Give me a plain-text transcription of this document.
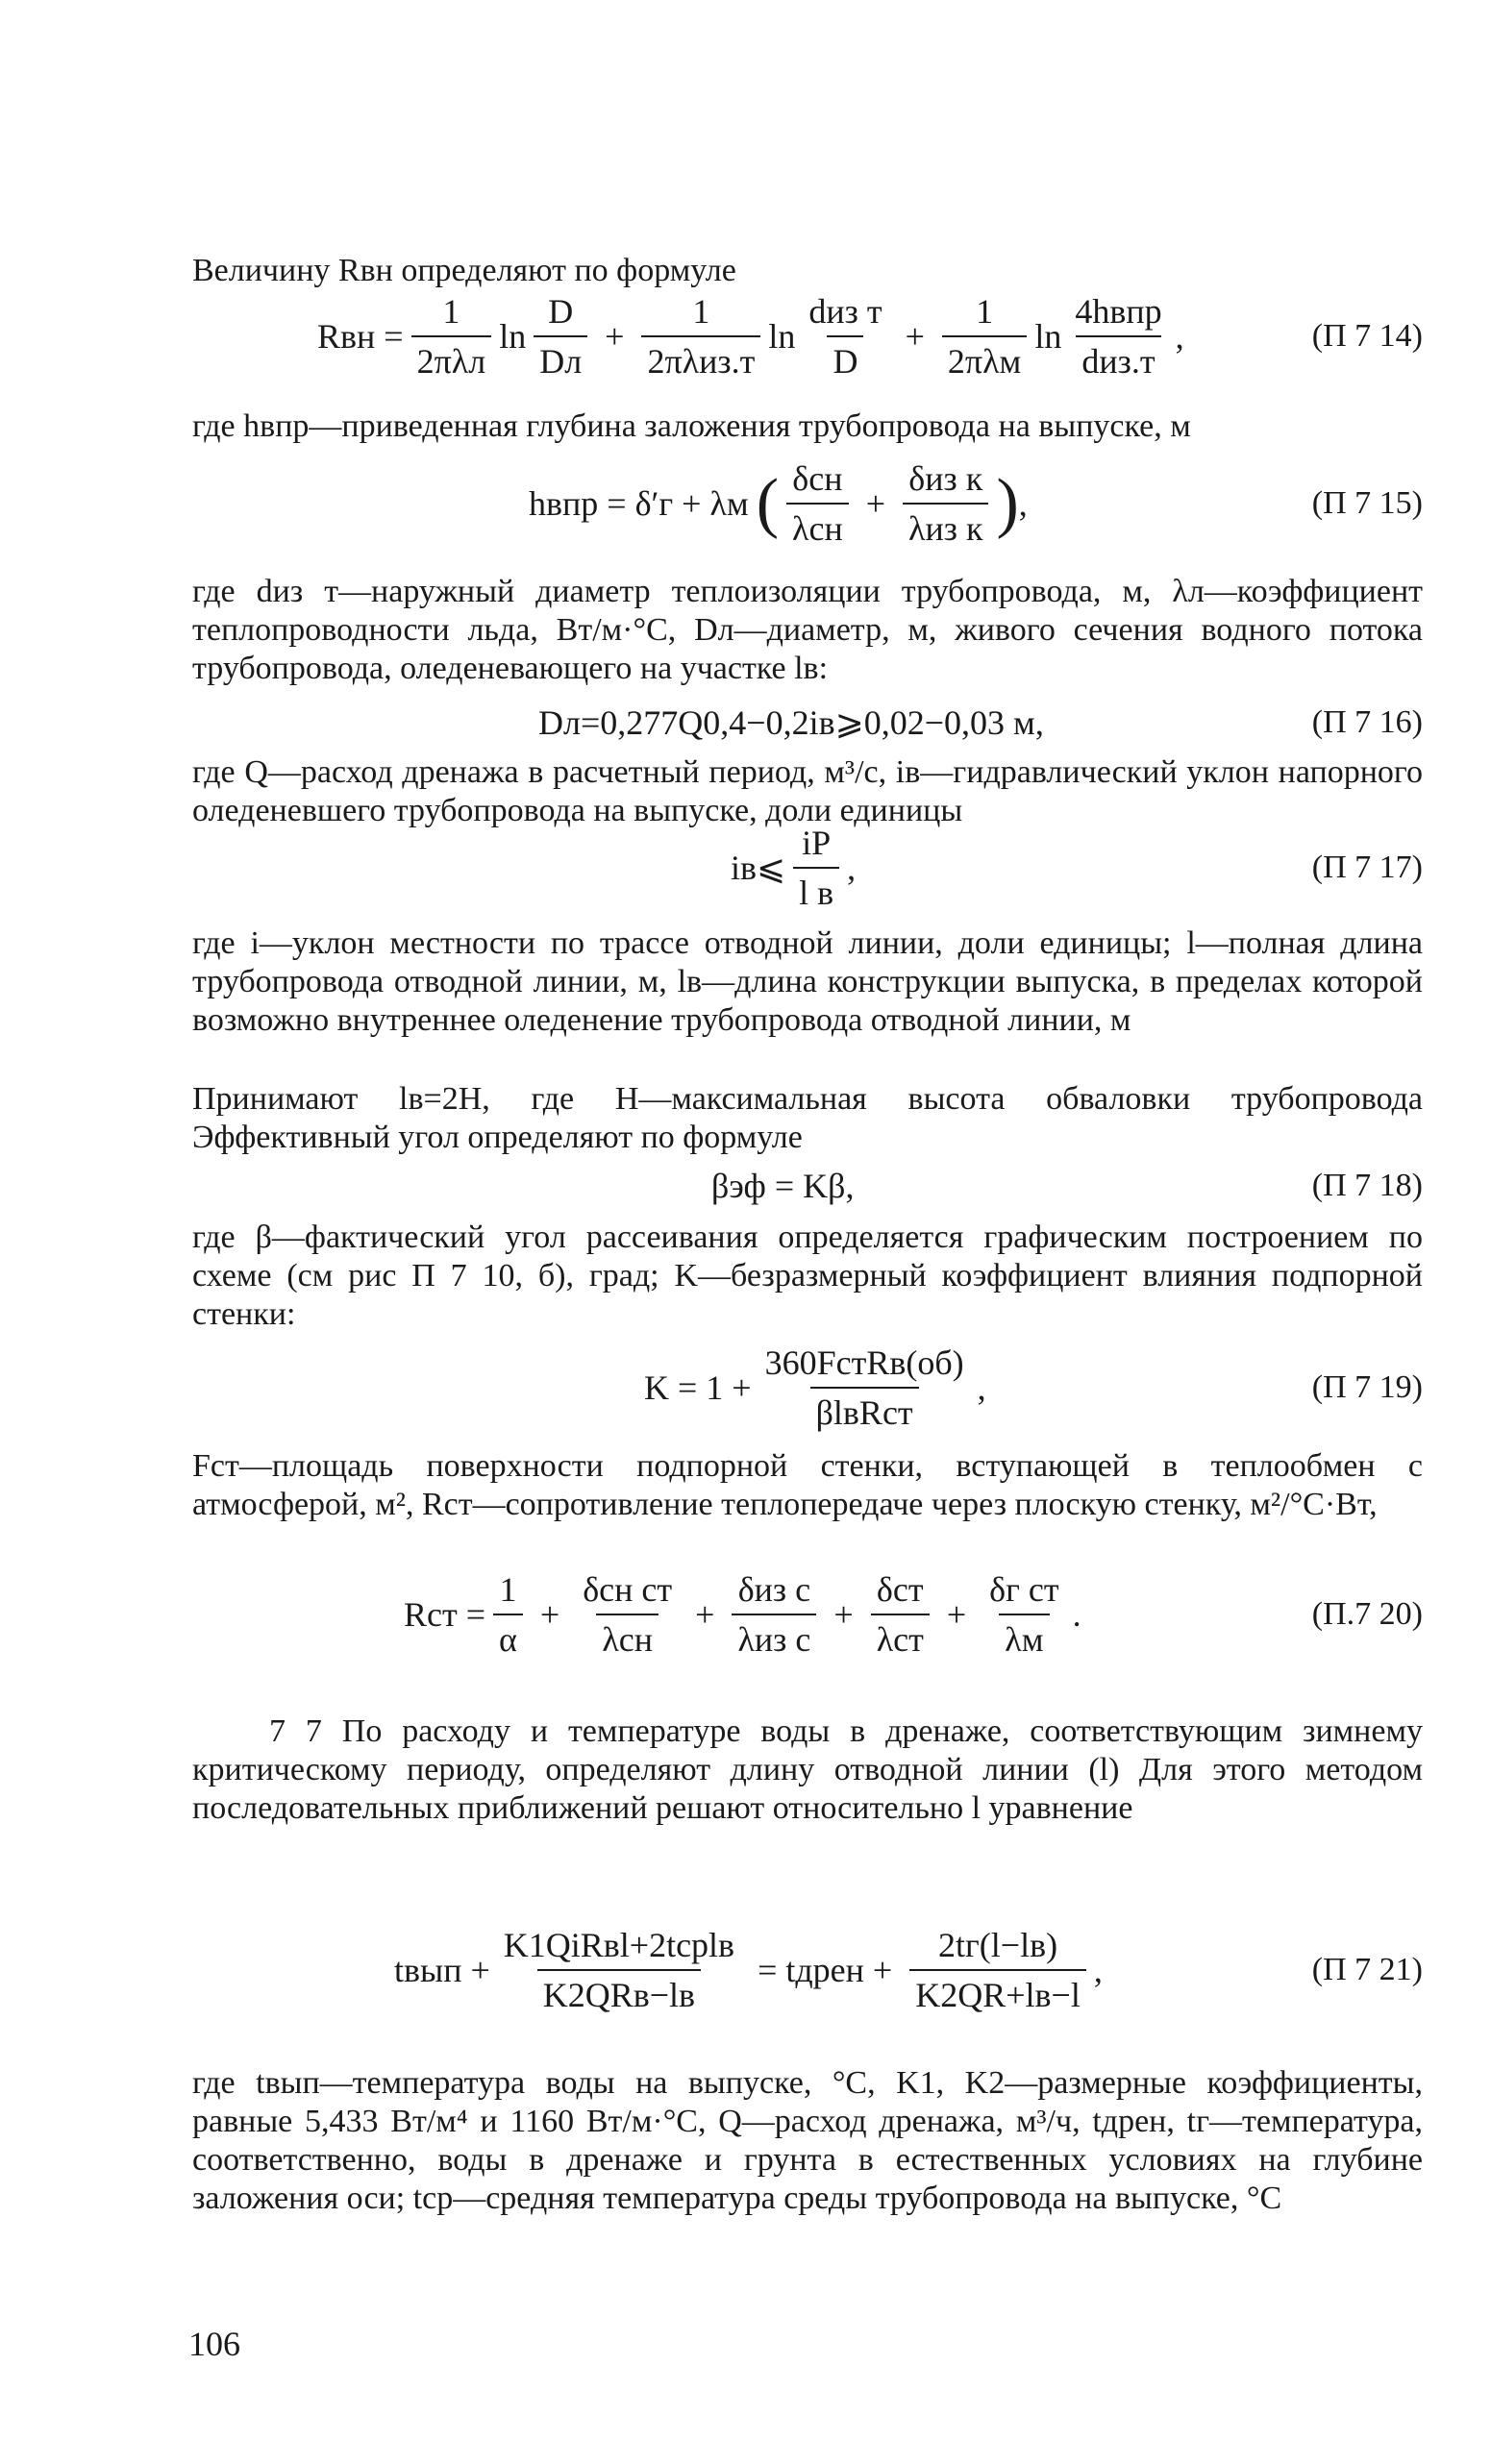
Величину Rвн определяют по формуле

Rвн = $\frac{1}{\text{2πλл}}$ $\ln \frac{D}{Dл} + \frac{1}{\text{2πλиз.т}}$ $\ln \frac{\text{dиз т}}{D} + \frac{1}{\text{2πλм}}$ $\ln \frac{\text{4hвпр}}{\text{dиз.т}}$ ,	(П 7 14)

где hвпр—приведенная глубина заложения трубопровода на выпуске, м

hвпр = δ′г + λм ( $\frac{\text{δсн}}{\text{λсн}} + \frac{\text{δиз к}}{\text{λиз к}}$ ) ,	(П 7 15)

где dиз т—наружный диаметр теплоизоляции трубопровода, м, λл—коэффициент теплопроводности льда, Вт/м·°С, Dл—диаметр, м, живого сечения водного потока трубопровода, оледеневающего на участке lв:

Dл=0,277Q0,4−0,2iв⩾0,02−0,03 м,	(П 7 16)

где Q—расход дренажа в расчетный период, м³/с, iв—гидравлический уклон напорного оледеневшего трубопровода на выпуске, доли единицы

iв⩽ $\frac{iP}{\text{l в}}$ ,	(П 7 17)

где i—уклон местности по трассе отводной линии, доли единицы; l—полная длина трубопровода отводной линии, м, lв—длина конструкции выпуска, в пределах которой возможно внутреннее оледенение трубопровода отводной линии, м

Принимают lв=2H, где H—максимальная высота обваловки трубопровода Эффективный угол определяют по формуле

βэф = Kβ,	(П 7 18)

где β—фактический угол рассеивания определяется графическим построением по схеме (см рис П 7 10, б), град; K—безразмерный коэффициент влияния подпорной стенки:

$K = 1 + \frac{\text{360FстRв(об)}}{\text{βlвRст}}$ ,	(П 7 19)

Fст—площадь поверхности подпорной стенки, вступающей в теплообмен с атмосферой, м², Rст—сопротивление теплопередаче через плоскую стенку, м²/°С·Вт,

Rст = $\frac{1}{\alpha} + \frac{\text{δсн ст}}{\text{λсн}} + \frac{\text{δиз с}}{\text{λиз с}} + \frac{\text{δст}}{\text{λст}} + \frac{\text{δг ст}}{\lambda м}$ .	(П.7 20)

7 7 По расходу и температуре воды в дренаже, соответствующим зимнему критическому периоду, определяют длину отводной линии (l) Для этого методом последовательных приближений решают относительно l уравнение

tвып + $\frac{\text{K1QiRвl+2tсрlв}}{\text{K2QRв−lв}}$ = tдрен + $\frac{2tг(l-lв)}{K2QR+lв-l}$ ,	(П 7 21)

где tвып—температура воды на выпуске, °С, K1, K2—размерные коэффициенты, равные 5,433 Вт/м⁴ и 1160 Вт/м·°С, Q—расход дренажа, м³/ч, tдрен, tг—температура, соответственно, воды в дренаже и грунта в естественных условиях на глубине заложения оси; tср—средняя температура среды трубопровода на выпуске, °С

106
